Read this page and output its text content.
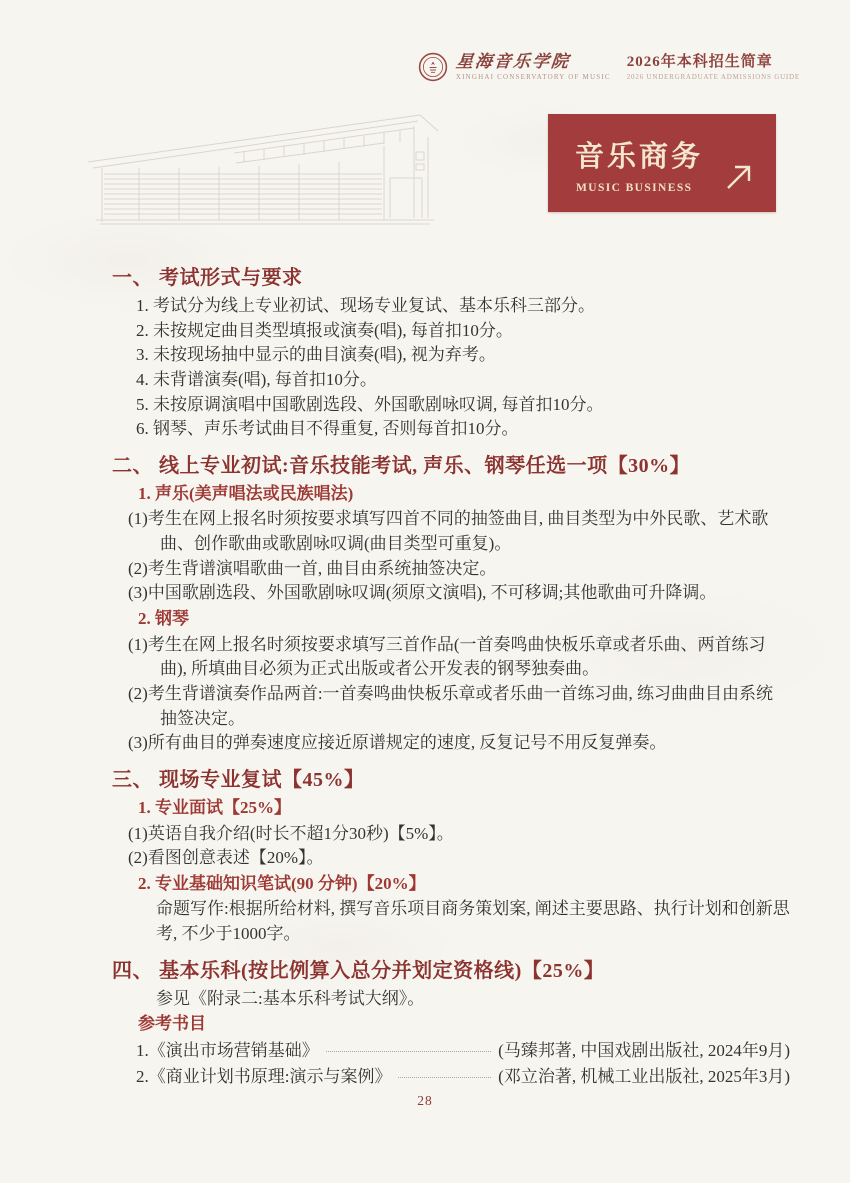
星海音乐学院
XINGHAI CONSERVATORY OF MUSIC
2026年本科招生简章
2026 UNDERGRADUATE ADMISSIONS GUIDE
音乐商务
MUSIC BUSINESS
一、 考试形式与要求
1. 考试分为线上专业初试、现场专业复试、基本乐科三部分。
2. 未按规定曲目类型填报或演奏(唱), 每首扣10分。
3. 未按现场抽中显示的曲目演奏(唱), 视为弃考。
4. 未背谱演奏(唱), 每首扣10分。
5. 未按原调演唱中国歌剧选段、外国歌剧咏叹调, 每首扣10分。
6. 钢琴、声乐考试曲目不得重复, 否则每首扣10分。
二、 线上专业初试:音乐技能考试, 声乐、钢琴任选一项【30%】
1. 声乐(美声唱法或民族唱法)
(1)考生在网上报名时须按要求填写四首不同的抽签曲目, 曲目类型为中外民歌、艺术歌曲、创作歌曲或歌剧咏叹调(曲目类型可重复)。
(2)考生背谱演唱歌曲一首, 曲目由系统抽签决定。
(3)中国歌剧选段、外国歌剧咏叹调(须原文演唱), 不可移调;其他歌曲可升降调。
2. 钢琴
(1)考生在网上报名时须按要求填写三首作品(一首奏鸣曲快板乐章或者乐曲、两首练习曲), 所填曲目必须为正式出版或者公开发表的钢琴独奏曲。
(2)考生背谱演奏作品两首:一首奏鸣曲快板乐章或者乐曲一首练习曲, 练习曲曲目由系统抽签决定。
(3)所有曲目的弹奏速度应接近原谱规定的速度, 反复记号不用反复弹奏。
三、 现场专业复试【45%】
1. 专业面试【25%】
(1)英语自我介绍(时长不超1分30秒)【5%】。
(2)看图创意表述【20%】。
2. 专业基础知识笔试(90 分钟)【20%】
命题写作:根据所给材料, 撰写音乐项目商务策划案, 阐述主要思路、执行计划和创新思考, 不少于1000字。
四、 基本乐科(按比例算入总分并划定资格线)【25%】
参见《附录二:基本乐科考试大纲》。
参考书目
1.《演出市场营销基础》	(马臻邦著, 中国戏剧出版社, 2024年9月)
2.《商业计划书原理:演示与案例》	(邓立治著, 机械工业出版社, 2025年3月)
28
